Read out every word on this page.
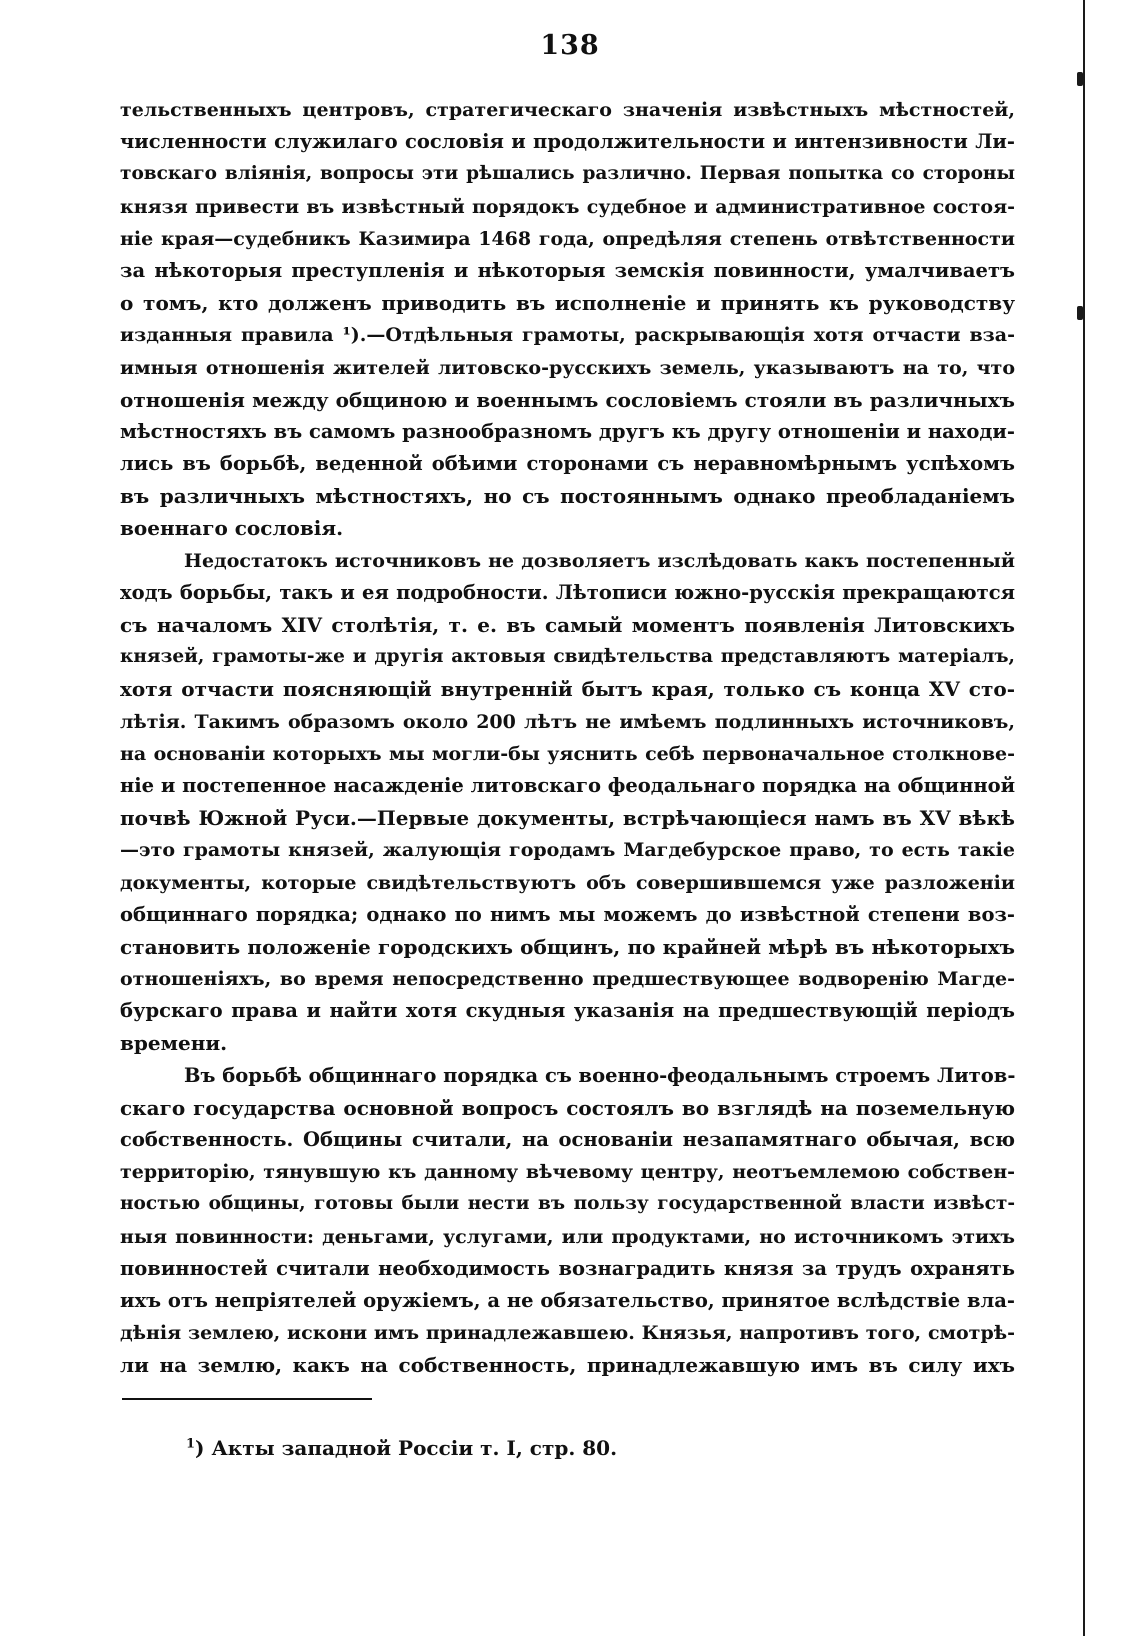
138
тельственныхъ центровъ, стратегическаго значенія извѣстныхъ мѣстностей,
численности служилаго сословія и продолжительности и интензивности Ли-
товскаго вліянія, вопросы эти рѣшались различно. Первая попытка со стороны
князя привести въ извѣстный порядокъ судебное и административное состоя-
ніе края—судебникъ Казимира 1468 года, опредѣляя степень отвѣтственности
за нѣкоторыя преступленія и нѣкоторыя земскія повинности, умалчиваетъ
о томъ, кто долженъ приводить въ исполненіе и принять къ руководству
изданныя правила ¹).—Отдѣльныя грамоты, раскрывающія хотя отчасти вза-
имныя отношенія жителей литовско-русскихъ земель, указываютъ на то, что
отношенія между общиною и военнымъ сословіемъ стояли въ различныхъ
мѣстностяхъ въ самомъ разнообразномъ другъ къ другу отношеніи и находи-
лись въ борьбѣ, веденной обѣими сторонами съ неравномѣрнымъ успѣхомъ
въ различныхъ мѣстностяхъ, но съ постояннымъ однако преобладаніемъ
военнаго сословія.
Недостатокъ источниковъ не дозволяетъ изслѣдовать какъ постепенный
ходъ борьбы, такъ и ея подробности. Лѣтописи южно-русскія прекращаются
съ началомъ XIV столѣтія, т. е. въ самый моментъ появленія Литовскихъ
князей, грамоты-же и другія актовыя свидѣтельства представляютъ матеріалъ,
хотя отчасти поясняющій внутренній бытъ края, только съ конца XV сто-
лѣтія. Такимъ образомъ около 200 лѣтъ не имѣемъ подлинныхъ источниковъ,
на основаніи которыхъ мы могли-бы уяснить себѣ первоначальное столкнове-
ніе и постепенное насажденіе литовскаго феодальнаго порядка на общинной
почвѣ Южной Руси.—Первые документы, встрѣчающіеся намъ въ XV вѣкѣ
—это грамоты князей, жалующія городамъ Магдебурское право, то есть такіе
документы, которые свидѣтельствуютъ объ совершившемся уже разложеніи
общиннаго порядка; однако по нимъ мы можемъ до извѣстной степени воз-
становить положеніе городскихъ общинъ, по крайней мѣрѣ въ нѣкоторыхъ
отношеніяхъ, во время непосредственно предшествующее водворенію Магде-
бурскаго права и найти хотя скудныя указанія на предшествующій періодъ
времени.
Въ борьбѣ общиннаго порядка съ военно-феодальнымъ строемъ Литов-
скаго государства основной вопросъ состоялъ во взглядѣ на поземельную
собственность. Общины считали, на основаніи незапамятнаго обычая, всю
территорію, тянувшую къ данному вѣчевому центру, неотъемлемою собствен-
ностью общины, готовы были нести въ пользу государственной власти извѣст-
ныя повинности: деньгами, услугами, или продуктами, но источникомъ этихъ
повинностей считали необходимость вознаградить князя за трудъ охранять
ихъ отъ непріятелей оружіемъ, а не обязательство, принятое вслѣдствіе вла-
дѣнія землею, искони имъ принадлежавшею. Князья, напротивъ того, смотрѣ-
ли на землю, какъ на собственность, принадлежавшую имъ въ силу ихъ
$^1$) Акты западной Россіи т. I, стр. 80.
